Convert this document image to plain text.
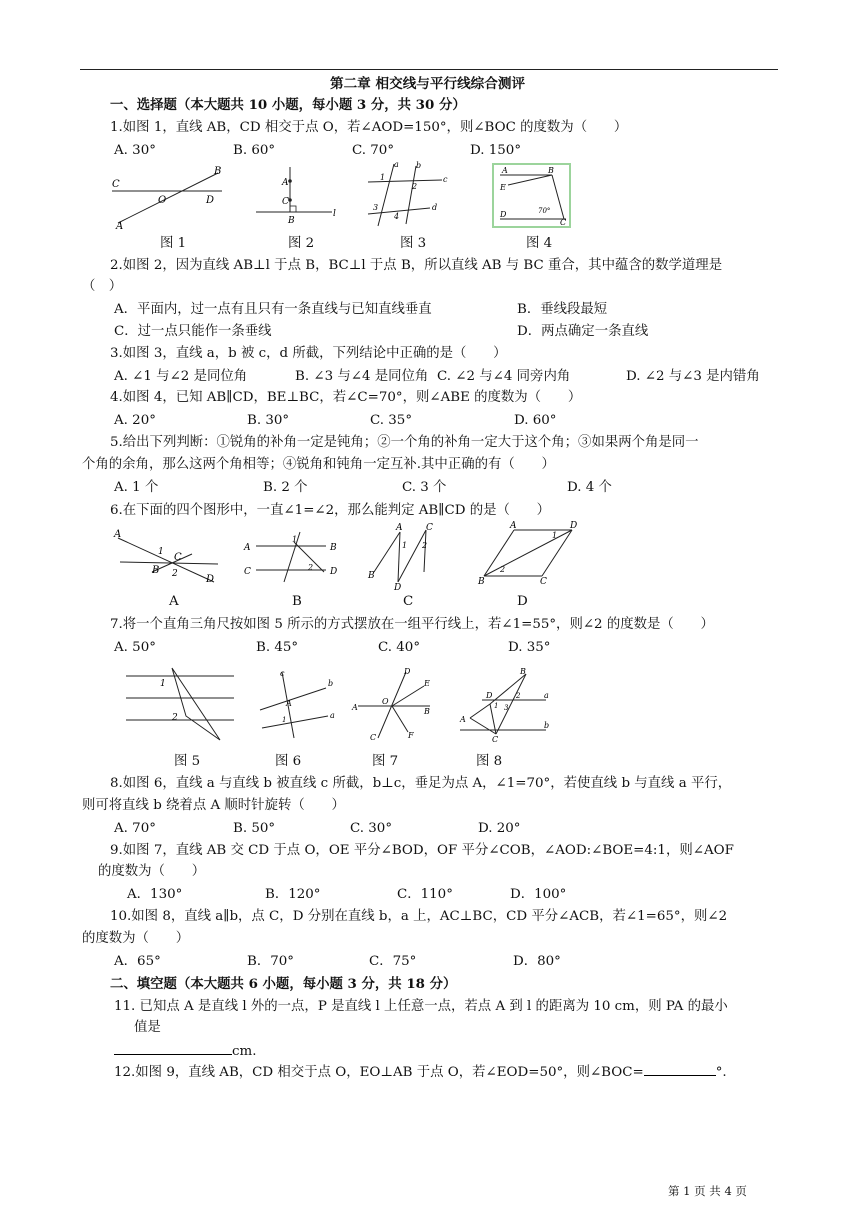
第二章 相交线与平行线综合测评
一、选择题（本大题共 10 小题，每小题 3 分，共 30 分）
1.如图 1，直线 AB，CD 相交于点 O，若∠AOD=150°，则∠BOC 的度数为（　　）
A. 30°	B. 60°	C. 70°	D. 150°
C
B
O	D
A
A
C
B
l
a b
c
d
1
2
3
4
A	B
E
D	70°
C
图 1	图 2	图 3	图 4
2.如图 2，因为直线 AB⊥l 于点 B，BC⊥l 于点 B，所以直线 AB 与 BC 重合，其中蕴含的数学道理是
（　）
A．平面内，过一点有且只有一条直线与已知直线垂直	B．垂线段最短
C．过一点只能作一条垂线	D．两点确定一条直线
3.如图 3，直线 a，b 被 c，d 所截，下列结论中正确的是（　　）
A. ∠1 与∠2 是同位角	B. ∠3 与∠4 是同位角 C. ∠2 与∠4 同旁内角	D. ∠2 与∠3 是内错角
4.如图 4，已知 AB∥CD，BE⊥BC，若∠C=70°，则∠ABE 的度数为（　　）
A. 20°	B. 30°	C. 35°	D. 60°
5.给出下列判断：①锐角的补角一定是钝角；②一个角的补角一定大于这个角；③如果两个角是同一
个角的余角，那么这两个角相等；④锐角和钝角一定互补.其中正确的有（　　）
A. 1 个	B. 2 个	C. 3 个	D. 4 个
6.在下面的四个图形中，一直∠1=∠2，那么能判定 AB∥CD 的是（　　）
A
1 C
B 2	D
A	B
C	D
1
2
A	C
B
D
1 2
A	D
B	C
1
2
A	B	C	D
7.将一个直角三角尺按如图 5 所示的方式摆放在一组平行线上，若∠1=55°，则∠2 的度数是（　　）
A. 50°	B. 45°	C. 40°	D. 35°
1
2
c
b
a
A
1
D
E
A	B
O
C	F
B
D	a
A
b
C
1 3
2
图 5	图 6	图 7	图 8
8.如图 6，直线 a 与直线 b 被直线 c 所截，b⊥c，垂足为点 A，∠1=70°，若使直线 b 与直线 a 平行，
则可将直线 b 绕着点 A 顺时针旋转（　　）
A. 70°	B. 50°	C. 30°	D. 20°
9.如图 7，直线 AB 交 CD 于点 O，OE 平分∠BOD，OF 平分∠COB，∠AOD:∠BOE=4:1，则∠AOF
的度数为（　　）
A．130°	B．120°	C．110°	D．100°
10.如图 8，直线 a∥b，点 C，D 分别在直线 b，a 上，AC⊥BC，CD 平分∠ACB，若∠1=65°，则∠2
的度数为（　　）
A．65°	B．70°	C．75°	D．80°
二、填空题（本大题共 6 小题，每小题 3 分，共 18 分）
11. 已知点 A 是直线 l 外的一点，P 是直线 l 上任意一点，若点 A 到 l 的距离为 10 cm，则 PA 的最小
值是
cm.
12.如图 9，直线 AB，CD 相交于点 O，EO⊥AB 于点 O，若∠EOD=50°，则∠BOC=	°.
第 1 页 共 4 页
